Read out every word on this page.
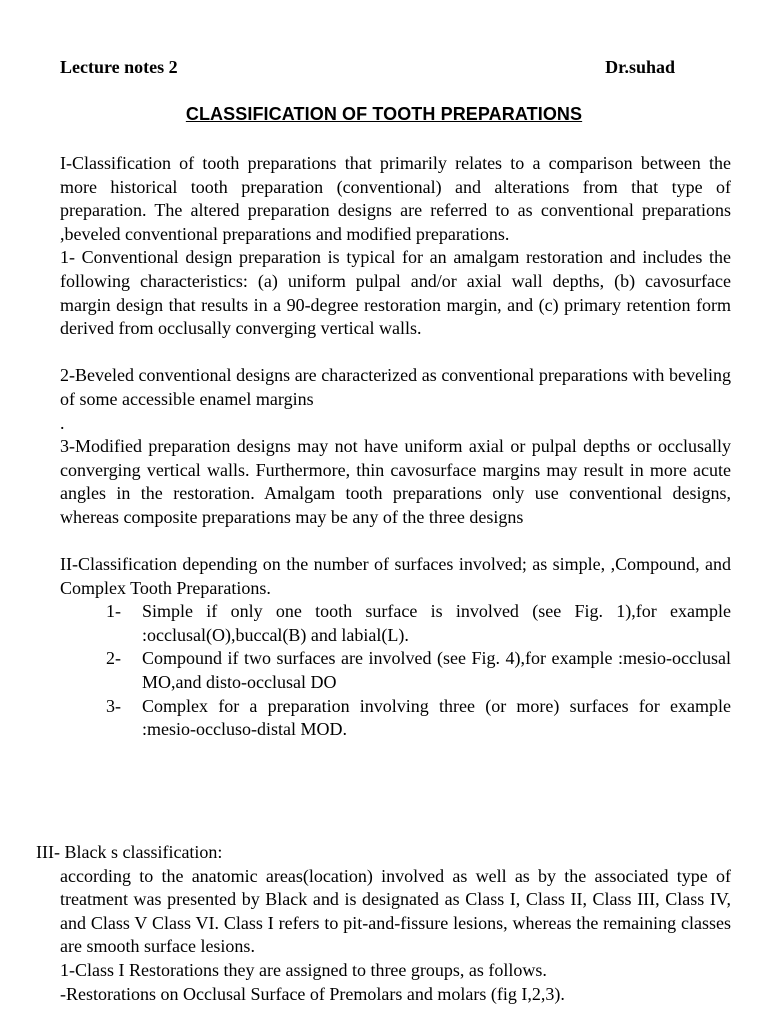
Lecture notes 2	Dr.suhad
CLASSIFICATION OF TOOTH PREPARATIONS

I-Classification of tooth preparations that primarily relates to a comparison between the more historical tooth preparation (conventional) and alterations from that type of preparation. The altered preparation designs are referred to as conventional preparations ,beveled conventional preparations and modified preparations.

1- Conventional design preparation is typical for an amalgam restoration and includes the following characteristics: (a) uniform pulpal and/or axial wall depths, (b) cavosurface margin design that results in a 90-degree restoration margin, and (c) primary retention form derived from occlusally converging vertical walls.

2-Beveled conventional designs are characterized as conventional preparations with beveling of some accessible enamel margins

.

3-Modified preparation designs may not have uniform axial or pulpal depths or occlusally converging vertical walls. Furthermore, thin cavosurface margins may result in more acute angles in the restoration. Amalgam tooth preparations only use conventional designs, whereas composite preparations may be any of the three designs

II-Classification depending on the number of surfaces involved; as simple, ,Compound, and Complex Tooth Preparations.

1- Simple if only one tooth surface is involved (see Fig. 1),for example :occlusal(O),buccal(B) and labial(L).
2- Compound if two surfaces are involved (see Fig. 4),for example :mesio-occlusal MO,and disto-occlusal DO
3- Complex for a preparation involving three (or more) surfaces for example :mesio-occluso-distal MOD.
III- Black s classification:
according to the anatomic areas(location) involved as well as by the associated type of treatment was presented by Black and is designated as Class I, Class II, Class III, Class IV, and Class V Class VI. Class I refers to pit-and-fissure lesions, whereas the remaining classes are smooth surface lesions.
1-Class I Restorations they are assigned to three groups, as follows.
-Restorations on Occlusal Surface of Premolars and molars (fig I,2,3).
